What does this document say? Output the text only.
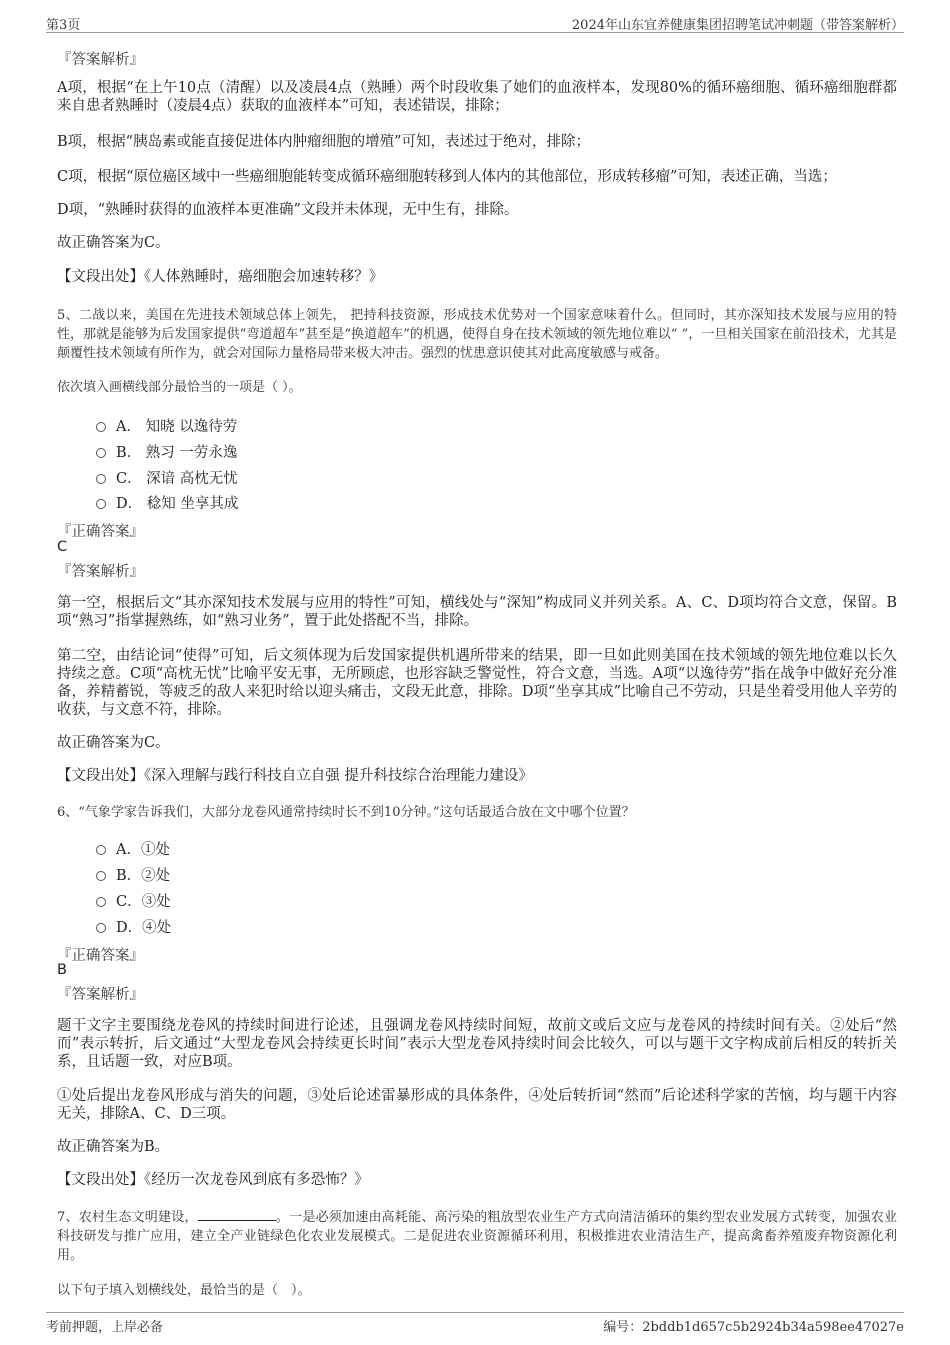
第3页	2024年山东宜养健康集团招聘笔试冲刺题（带答案解析）
『答案解析』
A项，根据“在上午10点（清醒）以及凌晨4点（熟睡）两个时段收集了她们的血液样本，发现80%的循环癌细胞、循环癌细胞群都来自患者熟睡时（凌晨4点）获取的血液样本”可知，表述错误，排除；
B项，根据“胰岛素或能直接促进体内肿瘤细胞的增殖”可知，表述过于绝对，排除；
C项，根据“原位癌区域中一些癌细胞能转变成循环癌细胞转移到人体内的其他部位，形成转移瘤”可知，表述正确，当选；
D项，“熟睡时获得的血液样本更准确”文段并未体现，无中生有，排除。
故正确答案为C。
【文段出处】《人体熟睡时，癌细胞会加速转移？》
5、二战以来，美国在先进技术领域总体上领先， 把持科技资源，形成技术优势对一个国家意味着什么。但同时，其亦深知技术发展与应用的特性，那就是能够为后发国家提供“弯道超车”甚至是“换道超车”的机遇，使得自身在技术领域的领先地位难以“ ”，一旦相关国家在前沿技术，尤其是颠覆性技术领域有所作为，就会对国际力量格局带来极大冲击。强烈的忧患意识使其对此高度敏感与戒备。
依次填入画横线部分最恰当的一项是（ ）。
A． 知晓 以逸待劳
B． 熟习 一劳永逸
C． 深谙 高枕无忧
D． 稔知 坐享其成
『正确答案』
C
『答案解析』
第一空，根据后文“其亦深知技术发展与应用的特性”可知，横线处与“深知”构成同义并列关系。A、C、D项均符合文意，保留。B项“熟习”指掌握熟练，如“熟习业务”，置于此处搭配不当，排除。
第二空，由结论词“使得”可知，后文须体现为后发国家提供机遇所带来的结果，即一旦如此则美国在技术领域的领先地位难以长久持续之意。C项“高枕无忧”比喻平安无事，无所顾虑，也形容缺乏警觉性，符合文意，当选。A项“以逸待劳”指在战争中做好充分准备，养精蓄锐，等疲乏的敌人来犯时给以迎头痛击，文段无此意，排除。D项“坐享其成”比喻自己不劳动，只是坐着受用他人辛劳的收获，与文意不符，排除。
故正确答案为C。
【文段出处】《深入理解与践行科技自立自强 提升科技综合治理能力建设》
6、“气象学家告诉我们，大部分龙卷风通常持续时长不到10分钟。”这句话最适合放在文中哪个位置？
A．①处
B．②处
C．③处
D．④处
『正确答案』
B
『答案解析』
题干文字主要围绕龙卷风的持续时间进行论述，且强调龙卷风持续时间短，故前文或后文应与龙卷风的持续时间有关。②处后“然而”表示转折，后文通过“大型龙卷风会持续更长时间”表示大型龙卷风持续时间会比较久，可以与题干文字构成前后相反的转折关系，且话题一致，对应B项。
①处后提出龙卷风形成与消失的问题，③处后论述雷暴形成的具体条件，④处后转折词“然而”后论述科学家的苦恼，均与题干内容无关，排除A、C、D三项。
故正确答案为B。
【文段出处】《经历一次龙卷风到底有多恐怖？》
7、农村生态文明建设，	。一是必须加速由高耗能、高污染的粗放型农业生产方式向清洁循环的集约型农业发展方式转变，加强农业科技研发与推广应用，建立全产业链绿色化农业发展模式。二是促进农业资源循环利用，积极推进农业清洁生产，提高禽畜养殖废弃物资源化利用。
以下句子填入划横线处，最恰当的是（　）。
考前押题，上岸必备	编号：2bddb1d657c5b2924b34a598ee47027e
